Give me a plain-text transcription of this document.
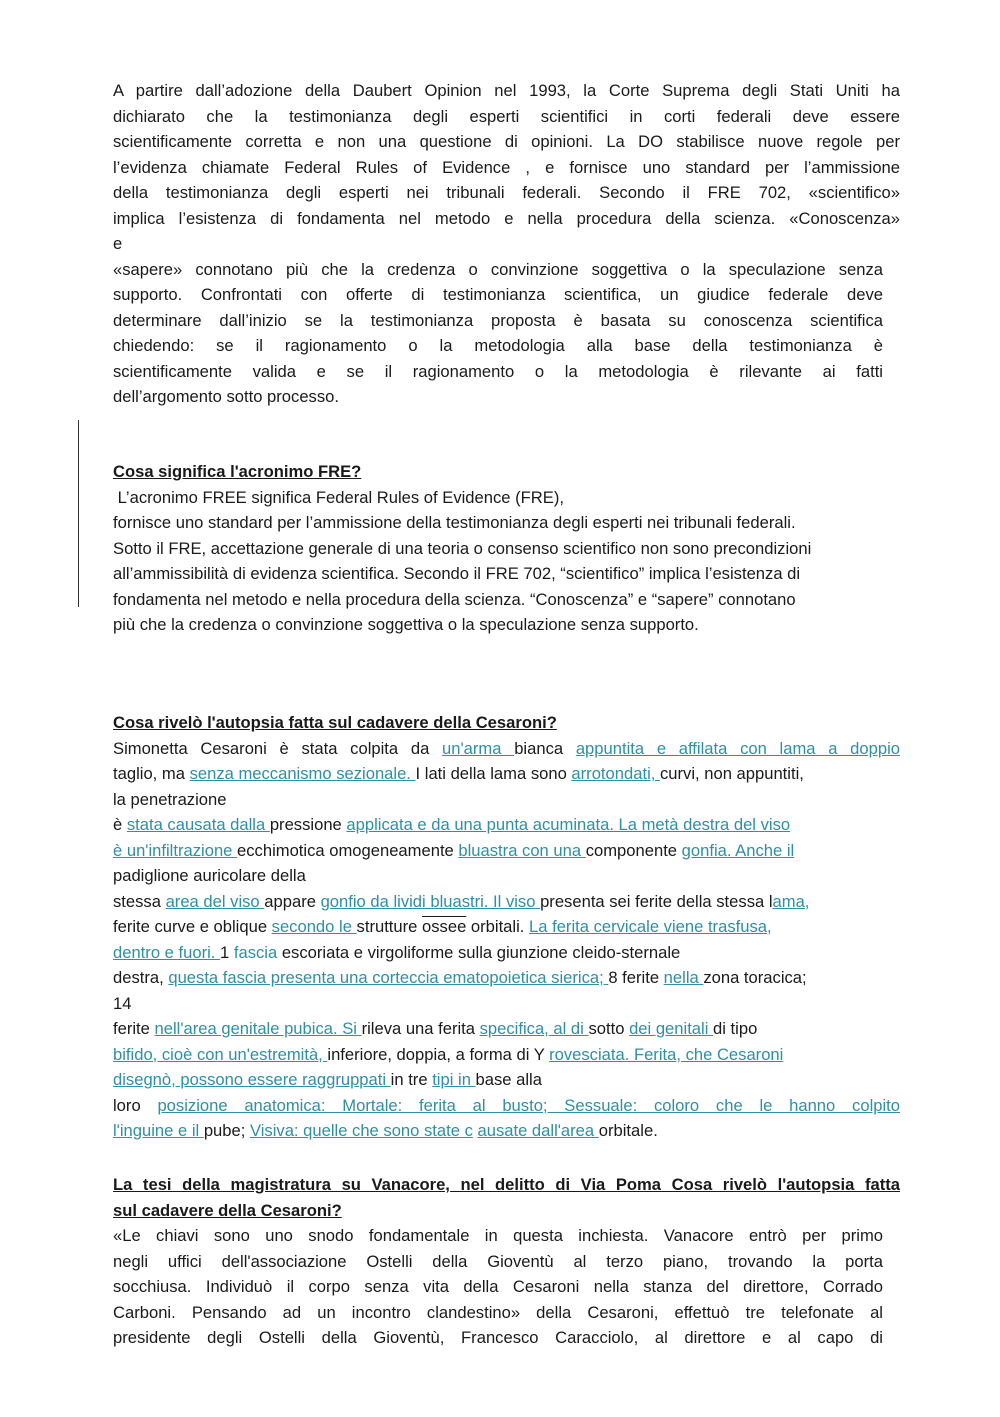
A partire dall’adozione della Daubert Opinion nel 1993, la Corte Suprema degli Stati Uniti ha
dichiarato che la testimonianza degli esperti scientifici in corti federali deve essere
scientificamente corretta e non una questione di opinioni. La DO stabilisce nuove regole per
l’evidenza chiamate Federal Rules of Evidence , e fornisce uno standard per l’ammissione
della testimonianza degli esperti nei tribunali federali. Secondo il FRE 702, «scientifico»
implica l’esistenza di fondamenta nel metodo e nella procedura della scienza. «Conoscenza»
e
«sapere» connotano più che la credenza o convinzione soggettiva o la speculazione senza
supporto. Confrontati con offerte di testimonianza scientifica, un giudice federale deve
determinare dall’inizio se la testimonianza proposta è basata su conoscenza scientifica
chiedendo: se il ragionamento o la metodologia alla base della testimonianza è
scientificamente valida e se il ragionamento o la metodologia è rilevante ai fatti
dell’argomento sotto processo.
Cosa significa l'acronimo FRE?
L’acronimo FREE significa Federal Rules of Evidence (FRE),
fornisce uno standard per l’ammissione della testimonianza degli esperti nei tribunali federali.
Sotto il FRE, accettazione generale di una teoria o consenso scientifico non sono precondizioni
all’ammissibilità di evidenza scientifica. Secondo il FRE 702, “scientifico” implica l’esistenza di
fondamenta nel metodo e nella procedura della scienza. “Conoscenza” e “sapere” connotano
più che la credenza o convinzione soggettiva o la speculazione senza supporto.
Cosa rivelò l'autopsia fatta sul cadavere della Cesaroni?
Simonetta Cesaroni è stata colpita da un'arma bianca appuntita e affilata con lama a doppio
taglio, ma senza meccanismo sezionale. I lati della lama sono arrotondati, curvi, non appuntiti,
la penetrazione
è stata causata dalla pressione applicata e da una punta acuminata. La metà destra del viso
è un'infiltrazione ecchimotica omogeneamente bluastra con una componente gonfia. Anche il
padiglione auricolare della
stessa area del viso appare gonfio da lividi bluastri. Il viso presenta sei ferite della stessa lama,
ferite curve e oblique secondo le strutture ossee orbitali. La ferita cervicale viene trasfusa,
dentro e fuori. 1 fascia escoriata e virgoliforme sulla giunzione cleido-sternale
destra, questa fascia presenta una corteccia ematopoietica sierica; 8 ferite nella zona toracica;
14
ferite nell'area genitale pubica. Si rileva una ferita specifica, al di sotto dei genitali di tipo
bifido, cioè con un'estremità, inferiore, doppia, a forma di Y rovesciata. Ferita, che Cesaroni
disegnò, possono essere raggruppati in tre tipi in base alla
loro posizione anatomica: Mortale: ferita al busto; Sessuale: coloro che le hanno colpito
l'inguine e il pube; Visiva: quelle che sono state c ausate dall'area orbitale.
La tesi della magistratura su Vanacore, nel delitto di Via Poma Cosa rivelò l'autopsia fatta
sul cadavere della Cesaroni?
«Le chiavi sono uno snodo fondamentale in questa inchiesta. Vanacore entrò per primo
negli uffici dell'associazione Ostelli della Gioventù al terzo piano, trovando la porta
socchiusa. Individuò il corpo senza vita della Cesaroni nella stanza del direttore, Corrado
Carboni. Pensando ad un incontro clandestino» della Cesaroni, effettuò tre telefonate al
presidente degli Ostelli della Gioventù, Francesco Caracciolo, al direttore e al capo di
